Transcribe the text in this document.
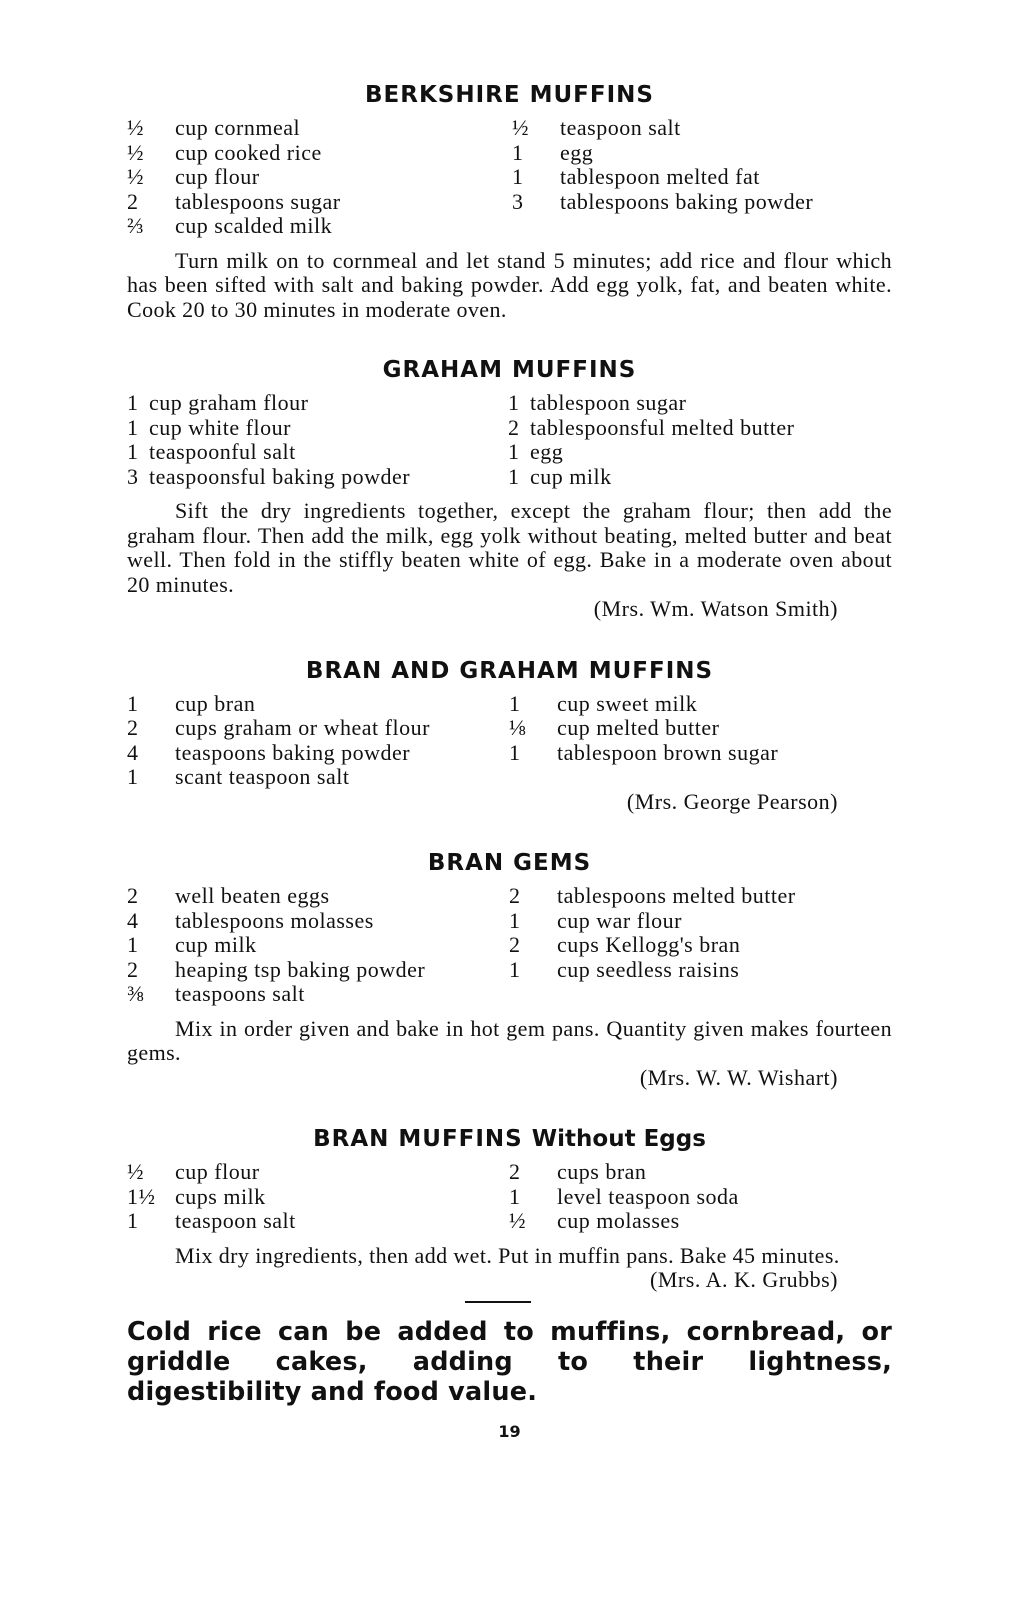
BERKSHIRE MUFFINS
½	cup cornmeal	½	teaspoon salt
½	cup cooked rice	1	egg
½	cup flour	1	tablespoon melted fat
2	tablespoons sugar	3	tablespoons baking powder
⅔	cup scalded milk

Turn milk on to cornmeal and let stand 5 minutes; add rice and flour which has been sifted with salt and baking powder. Add egg yolk, fat, and beaten white. Cook 20 to 30 minutes in moderate oven.

GRAHAM MUFFINS
1 cup graham flour	1 tablespoon sugar
1 cup white flour	2 tablespoonsful melted butter
1 teaspoonful salt	1 egg
3 teaspoonsful baking powder	1 cup milk

Sift the dry ingredients together, except the graham flour; then add the graham flour. Then add the milk, egg yolk without beating, melted butter and beat well. Then fold in the stiffly beaten white of egg. Bake in a moderate oven about 20 minutes.

(Mrs. Wm. Watson Smith)

BRAN AND GRAHAM MUFFINS
1	cup bran	1	cup sweet milk
2	cups graham or wheat flour	⅛	cup melted butter
4	teaspoons baking powder	1	tablespoon brown sugar
1	scant teaspoon salt

(Mrs. George Pearson)

BRAN GEMS
2	well beaten eggs	2	tablespoons melted butter
4	tablespoons molasses	1	cup war flour
1	cup milk	2	cups Kellogg's bran
2	heaping tsp baking powder	1	cup seedless raisins
⅜	teaspoons salt

Mix in order given and bake in hot gem pans. Quantity given makes fourteen gems.

(Mrs. W. W. Wishart)

BRAN MUFFINS Without Eggs
½	cup flour	2	cups bran
1½ cups milk	1	level teaspoon soda
1	teaspoon salt	½	cup molasses

Mix dry ingredients, then add wet. Put in muffin pans. Bake 45 minutes.

(Mrs. A. K. Grubbs)

Cold rice can be added to muffins, cornbread, or griddle cakes, adding to their lightness, digestibility and food value.

19
